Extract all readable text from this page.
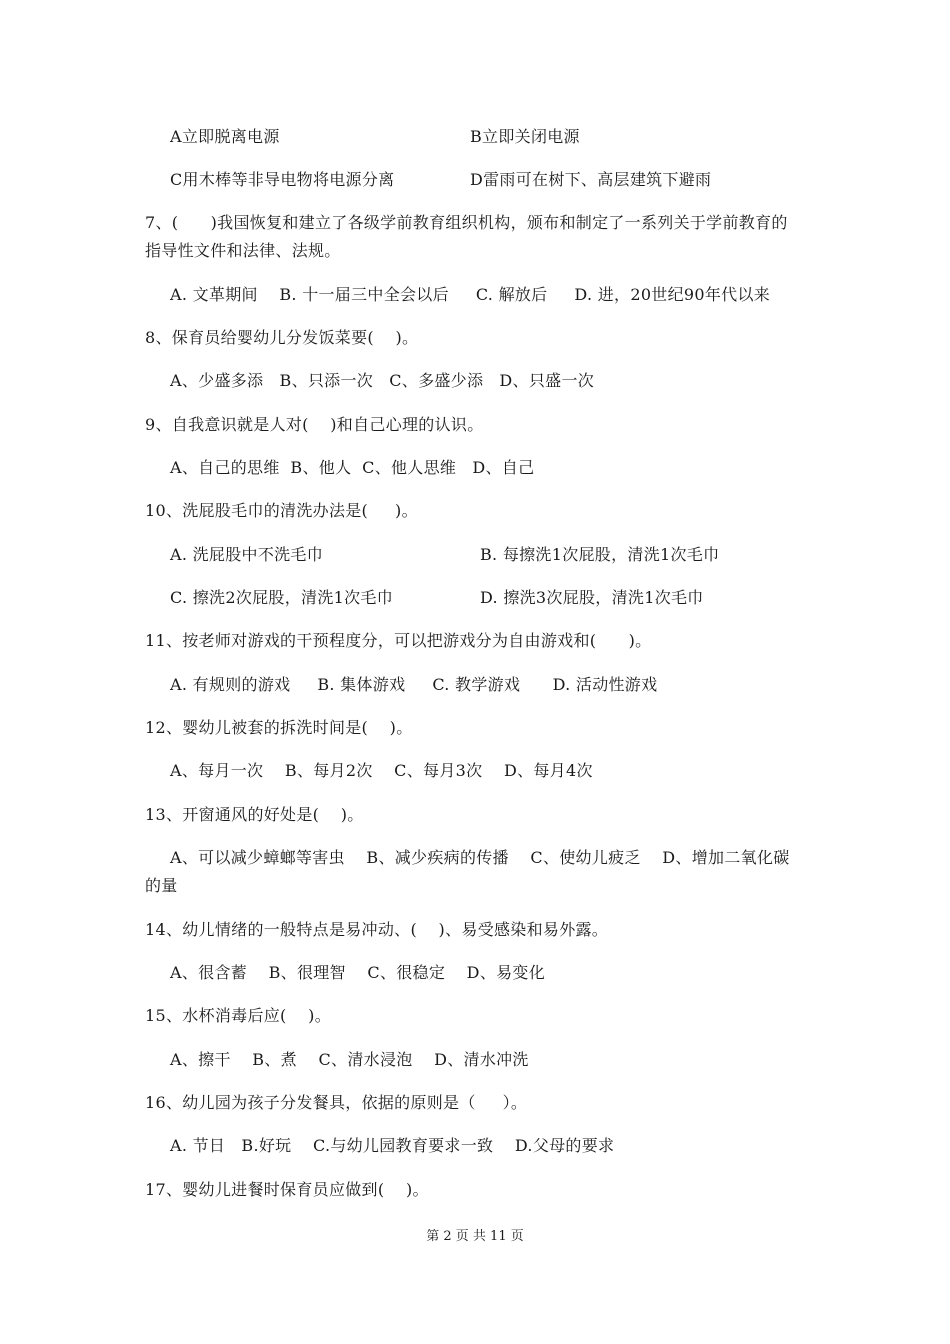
A立即脱离电源	B立即关闭电源
C用木棒等非导电物将电源分离	D雷雨可在树下、高层建筑下避雨
7、(      )我国恢复和建立了各级学前教育组织机构，颁布和制定了一系列关于学前教育的
指导性文件和法律、法规。
A. 文革期间    B. 十一届三中全会以后     C. 解放后     D. 进，20世纪90年代以来
8、保育员给婴幼儿分发饭菜要(    )。
A、少盛多添   B、只添一次   C、多盛少添   D、只盛一次
9、自我意识就是人对(    )和自己心理的认识。
A、自己的思维  B、他人  C、他人思维   D、自己
10、洗屁股毛巾的清洗办法是(     )。
A. 洗屁股中不洗毛巾	B. 每擦洗1次屁股，清洗1次毛巾
C. 擦洗2次屁股，清洗1次毛巾	D. 擦洗3次屁股，清洗1次毛巾
11、按老师对游戏的干预程度分，可以把游戏分为自由游戏和(      )。
A. 有规则的游戏     B. 集体游戏     C. 教学游戏      D. 活动性游戏
12、婴幼儿被套的拆洗时间是(    )。
A、每月一次    B、每月2次    C、每月3次    D、每月4次
13、开窗通风的好处是(    )。
A、可以减少蟑螂等害虫    B、减少疾病的传播    C、使幼儿疲乏    D、增加二氧化碳
的量
14、幼儿情绪的一般特点是易冲动、(    )、易受感染和易外露。
A、很含蓄    B、很理智    C、很稳定    D、易变化
15、水杯消毒后应(    )。
A、擦干    B、煮    C、清水浸泡    D、清水冲洗
16、幼儿园为孩子分发餐具，依据的原则是（     ）。
A. 节日   B.好玩    C.与幼儿园教育要求一致    D.父母的要求
17、婴幼儿进餐时保育员应做到(    )。
第 2 页 共 11 页
